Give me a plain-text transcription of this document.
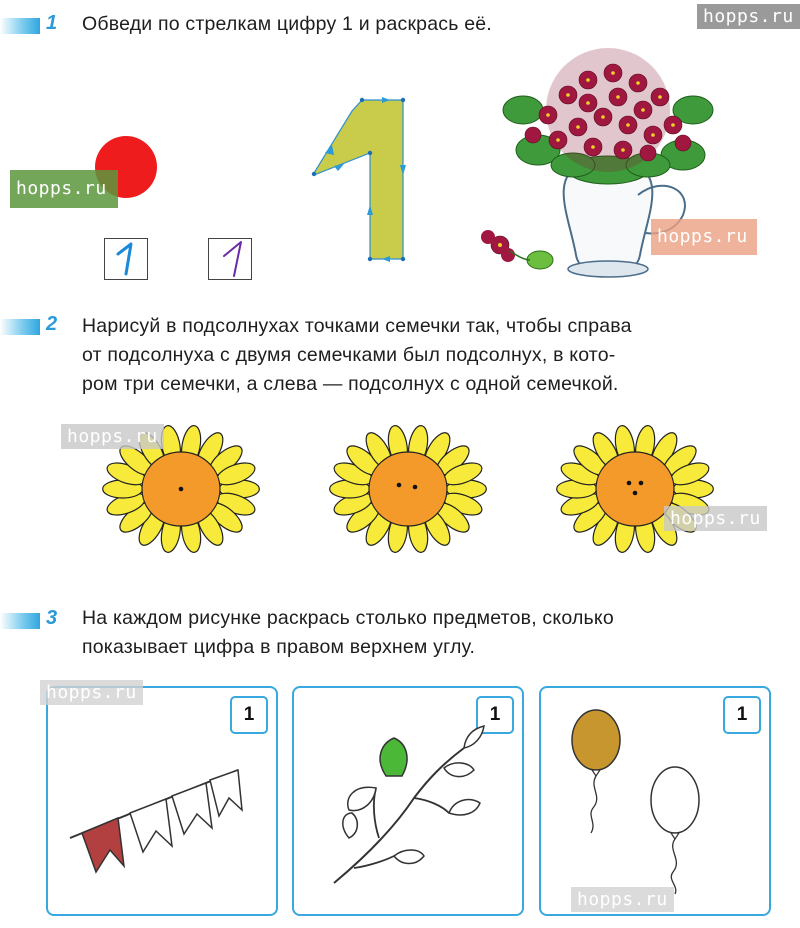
1 Обведи по стрелкам цифру 1 и раскрась её.
2 Нарисуй в подсолнухах точками семечки так, чтобы справа

от подсолнуха с двумя семечками был подсолнух, в кото-

ром три семечки, а слева — подсолнух с одной семечкой.

3 На каждом рисунке раскрась столько предметов, сколько

показывает цифра в правом верхнем углу.

1	1	1
hopps.ru
hopps.ru
hopps.ru
hopps.ru
hopps.ru
hopps.ru
hopps.ru
